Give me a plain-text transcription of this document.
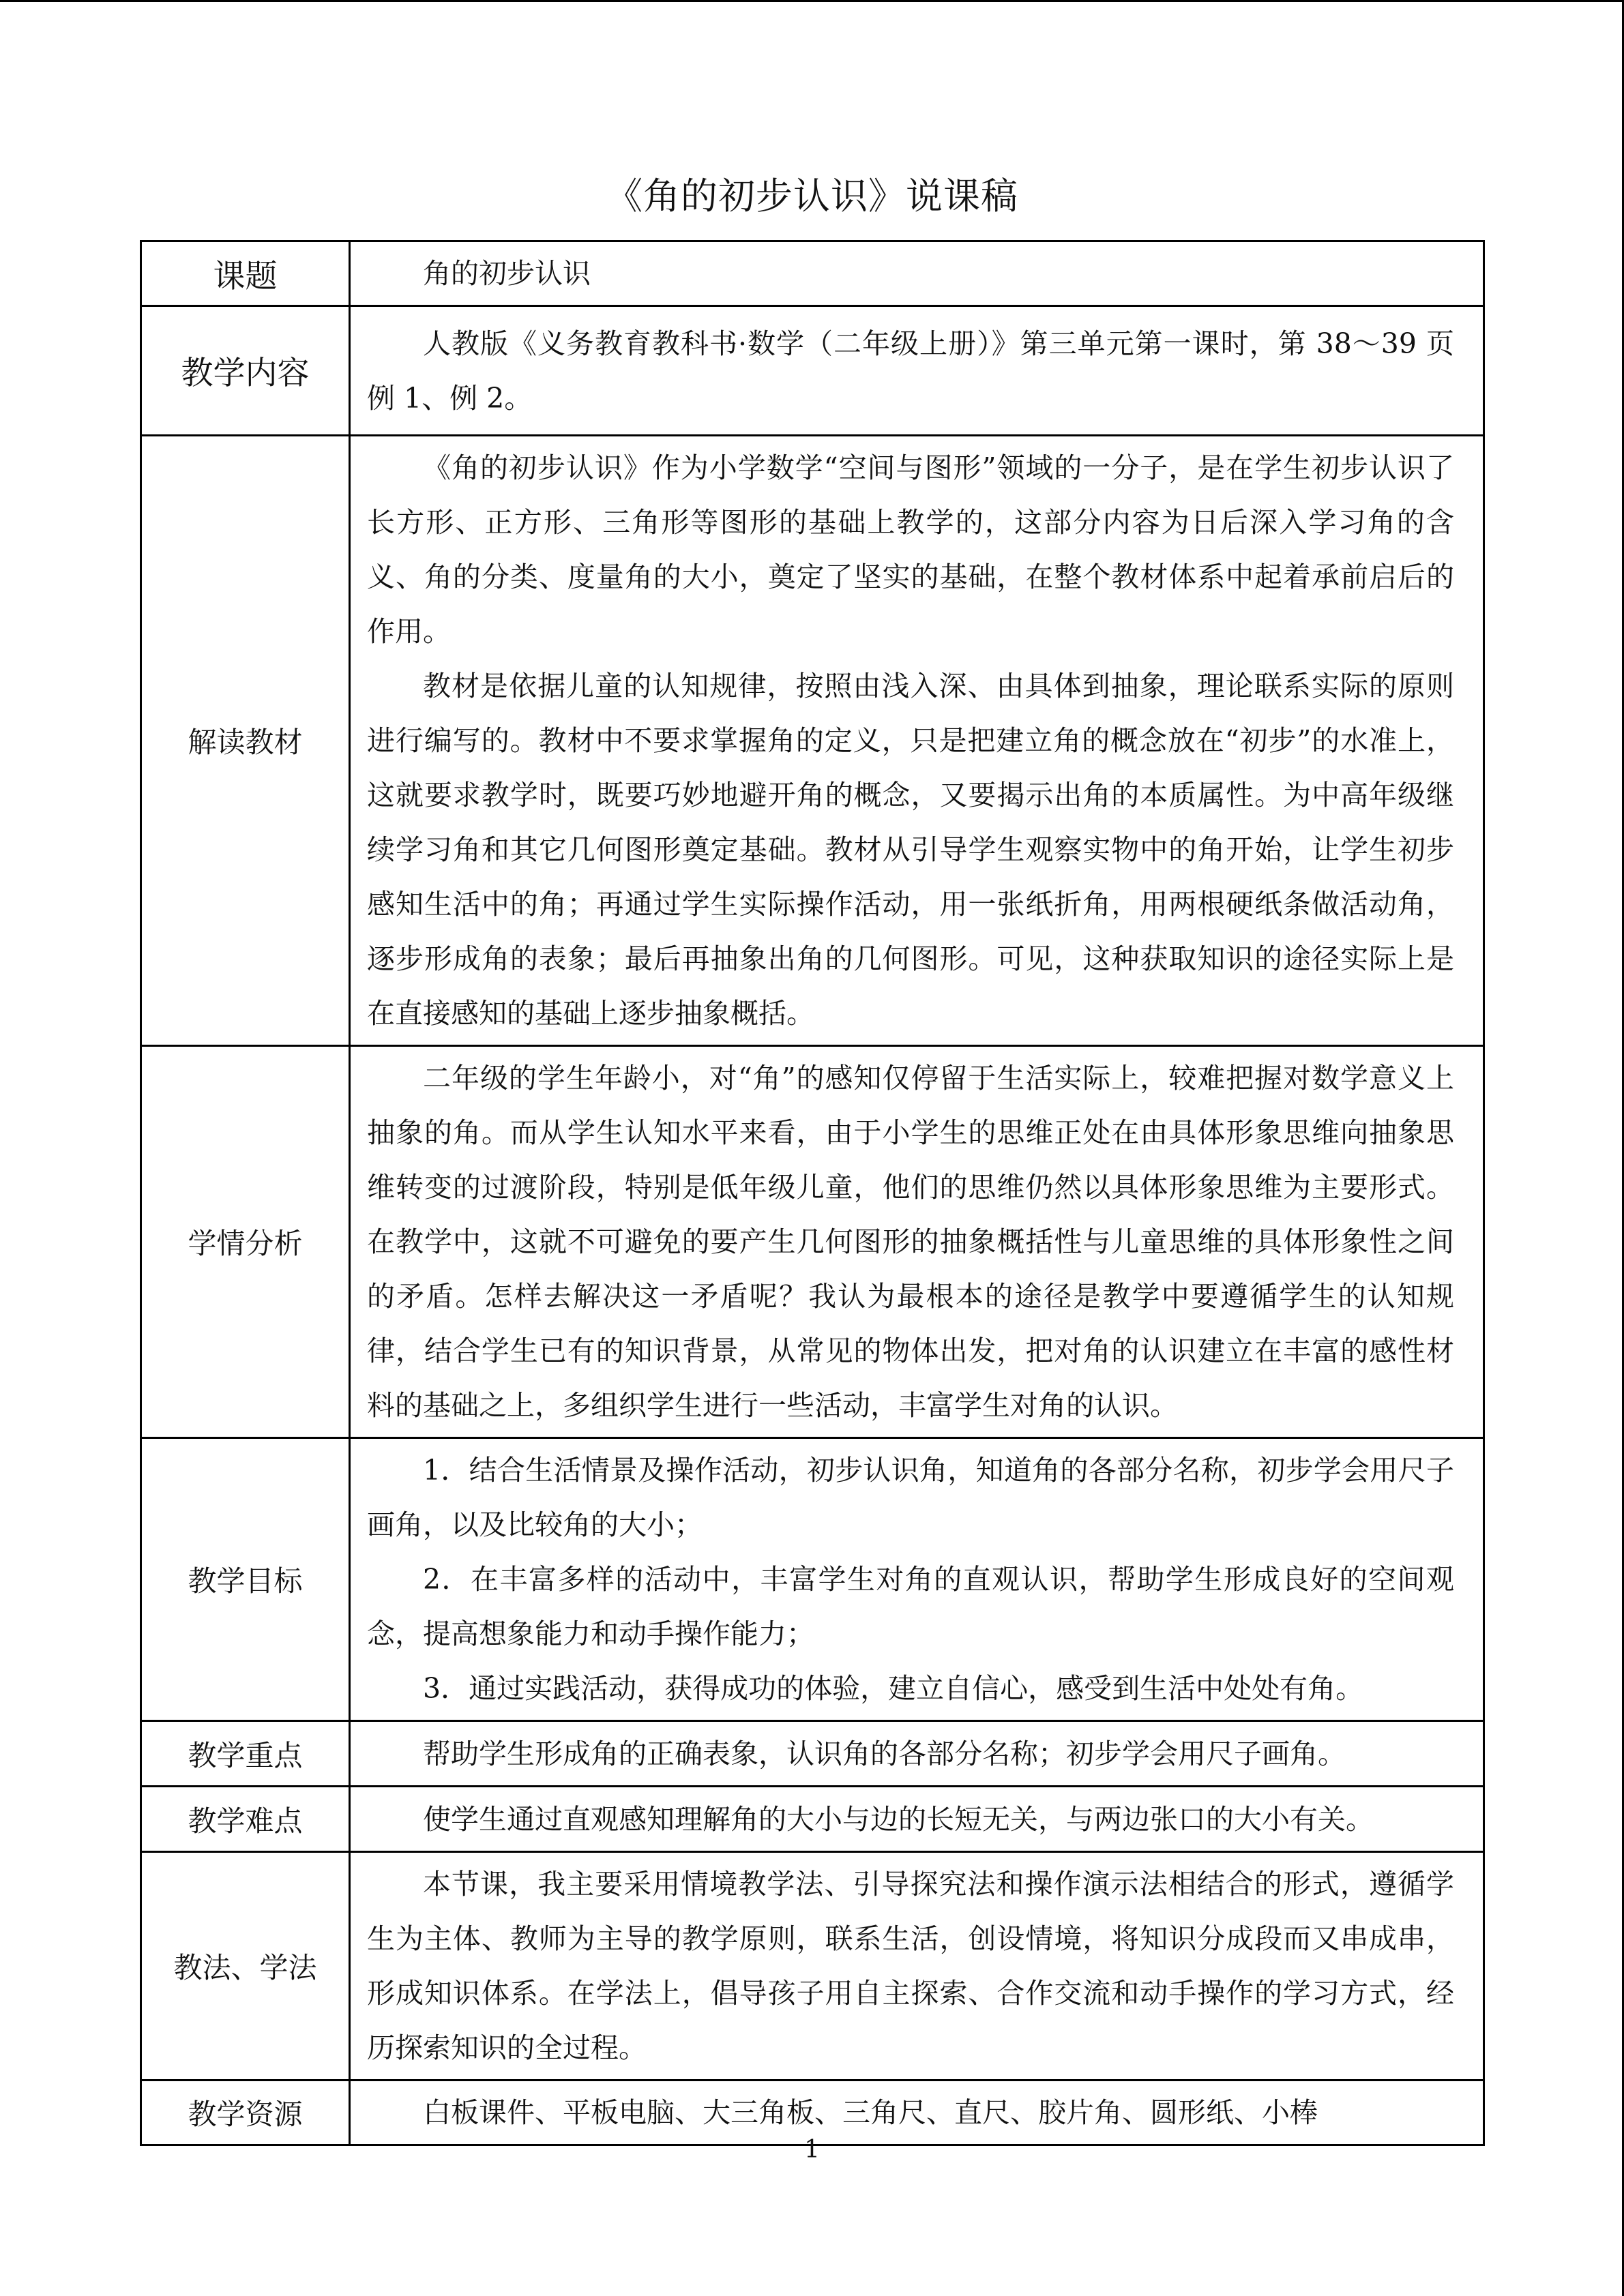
《角的初步认识》说课稿
课题	角的初步认识

教学内容	人教版《义务教育教科书·数学（二年级上册）》第三单元第一课时，第 38～39 页例 1、例 2。

解读教材	《角的初步认识》作为小学数学“空间与图形”领域的一分子，是在学生初步认识了长方形、正方形、三角形等图形的基础上教学的，这部分内容为日后深入学习角的含义、角的分类、度量角的大小，奠定了坚实的基础，在整个教材体系中起着承前启后的作用。

教材是依据儿童的认知规律，按照由浅入深、由具体到抽象，理论联系实际的原则进行编写的。教材中不要求掌握角的定义，只是把建立角的概念放在“初步”的水准上，这就要求教学时，既要巧妙地避开角的概念，又要揭示出角的本质属性。为中高年级继续学习角和其它几何图形奠定基础。教材从引导学生观察实物中的角开始，让学生初步感知生活中的角；再通过学生实际操作活动，用一张纸折角，用两根硬纸条做活动角，逐步形成角的表象；最后再抽象出角的几何图形。可见，这种获取知识的途径实际上是在直接感知的基础上逐步抽象概括。

学情分析	二年级的学生年龄小，对“角”的感知仅停留于生活实际上，较难把握对数学意义上抽象的角。而从学生认知水平来看，由于小学生的思维正处在由具体形象思维向抽象思维转变的过渡阶段，特别是低年级儿童，他们的思维仍然以具体形象思维为主要形式。在教学中，这就不可避免的要产生几何图形的抽象概括性与儿童思维的具体形象性之间的矛盾。怎样去解决这一矛盾呢？我认为最根本的途径是教学中要遵循学生的认知规律，结合学生已有的知识背景，从常见的物体出发，把对角的认识建立在丰富的感性材料的基础之上，多组织学生进行一些活动，丰富学生对角的认识。

教学目标	1．结合生活情景及操作活动，初步认识角，知道角的各部分名称，初步学会用尺子画角，以及比较角的大小；

2．在丰富多样的活动中，丰富学生对角的直观认识，帮助学生形成良好的空间观念，提高想象能力和动手操作能力；

3．通过实践活动，获得成功的体验，建立自信心，感受到生活中处处有角。

教学重点	帮助学生形成角的正确表象，认识角的各部分名称；初步学会用尺子画角。

教学难点	使学生通过直观感知理解角的大小与边的长短无关，与两边张口的大小有关。

教法、学法	本节课，我主要采用情境教学法、引导探究法和操作演示法相结合的形式，遵循学生为主体、教师为主导的教学原则，联系生活，创设情境，将知识分成段而又串成串，形成知识体系。在学法上，倡导孩子用自主探索、合作交流和动手操作的学习方式，经历探索知识的全过程。

教学资源	白板课件、平板电脑、大三角板、三角尺、直尺、胶片角、圆形纸、小棒

1
